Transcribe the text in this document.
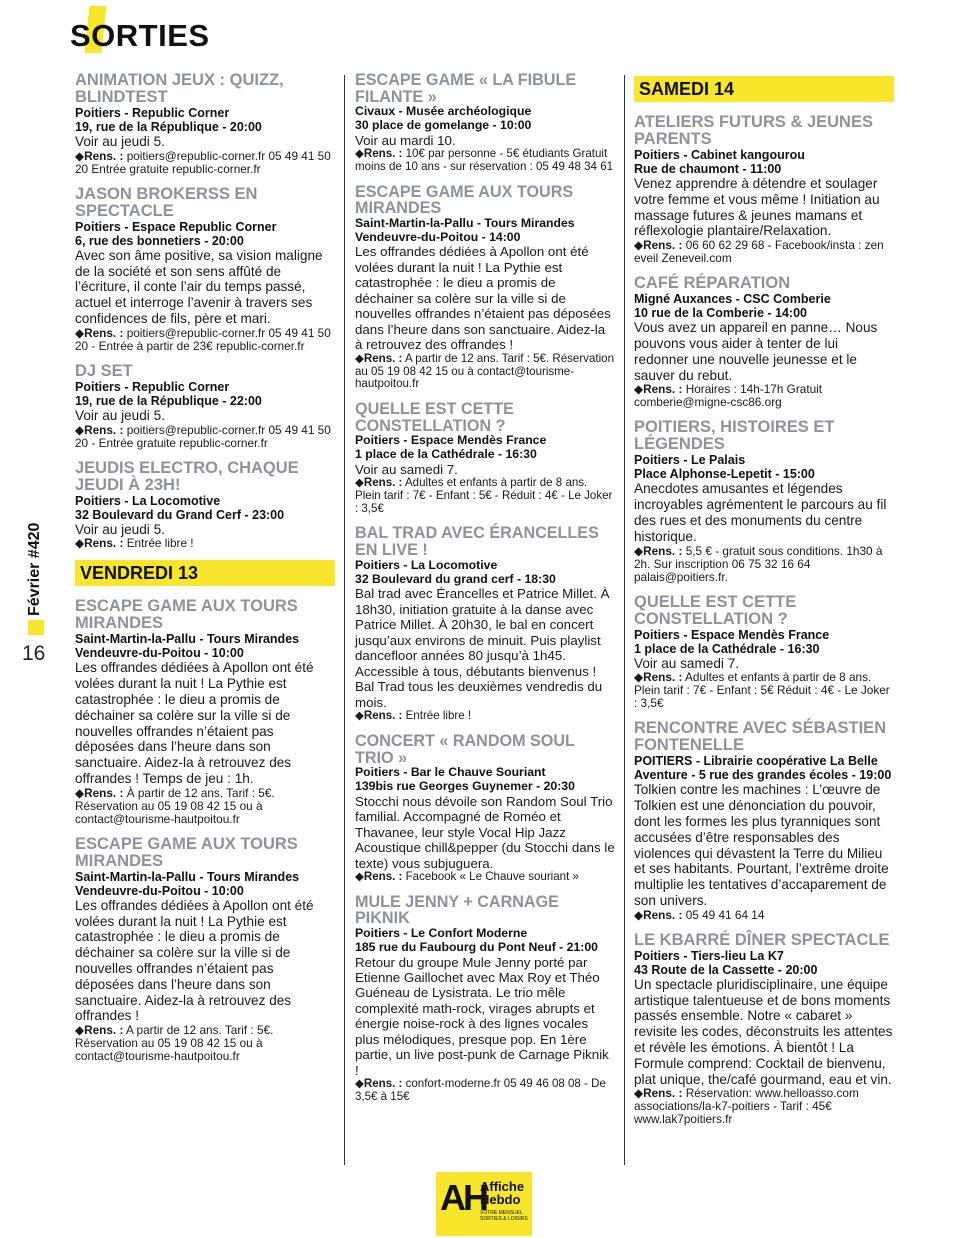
SORTIES
Février #420
16
ANIMATION JEUX : QUIZZ, BLINDTEST
Poitiers - Republic Corner
19, rue de la République - 20:00
Voir au jeudi 5.
◆Rens. : poitiers@republic-corner.fr 05 49 41 50 20 Entrée gratuite republic-corner.fr
JASON BROKERSS EN SPECTACLE
Poitiers - Espace Republic Corner
6, rue des bonnetiers - 20:00
Avec son âme positive, sa vision maligne de la société et son sens affûté de l’écriture, il conte l’air du temps passé, actuel et interroge l’avenir à travers ses confidences de fils, père et mari.
◆Rens. : poitiers@republic-corner.fr 05 49 41 50 20 - Entrée à partir de 23€ republic-corner.fr
DJ SET
Poitiers - Republic Corner
19, rue de la République - 22:00
Voir au jeudi 5.
◆Rens. : poitiers@republic-corner.fr 05 49 41 50 20 - Entrée gratuite republic-corner.fr
JEUDIS ELECTRO, CHAQUE JEUDI À 23H!
Poitiers - La Locomotive
32 Boulevard du Grand Cerf - 23:00
Voir au jeudi 5.
◆Rens. : Entrée libre !
VENDREDI 13
ESCAPE GAME AUX TOURS MIRANDES
Saint-Martin-la-Pallu - Tours Mirandes
Vendeuvre-du-Poitou - 10:00
Les offrandes dédiées à Apollon ont été volées durant la nuit ! La Pythie est catastrophée : le dieu a promis de déchainer sa colère sur la ville si de nouvelles offrandes n’étaient pas déposées dans l’heure dans son sanctuaire. Aidez-la à retrouvez des offrandes ! Temps de jeu : 1h.
◆Rens. : À partir de 12 ans. Tarif : 5€. Réservation au 05 19 08 42 15 ou à contact@tourisme-hautpoitou.fr
ESCAPE GAME AUX TOURS MIRANDES
Saint-Martin-la-Pallu - Tours Mirandes
Vendeuvre-du-Poitou - 10:00
Les offrandes dédiées à Apollon ont été volées durant la nuit ! La Pythie est catastrophée : le dieu a promis de déchainer sa colère sur la ville si de nouvelles offrandes n’étaient pas déposées dans l’heure dans son sanctuaire. Aidez-la à retrouvez des offrandes !
◆Rens. : A partir de 12 ans. Tarif : 5€. Réservation au 05 19 08 42 15 ou à contact@tourisme-hautpoitou.fr
ESCAPE GAME « LA FIBULE FILANTE »
Civaux - Musée archéologique
30 place de gomelange - 10:00
Voir au mardi 10.
◆Rens. : 10€ par personne - 5€ étudiants Gratuit moins de 10 ans - sur réservation : 05 49 48 34 61
ESCAPE GAME AUX TOURS MIRANDES
Saint-Martin-la-Pallu - Tours Mirandes
Vendeuvre-du-Poitou - 14:00
Les offrandes dédiées à Apollon ont été volées durant la nuit ! La Pythie est catastrophée : le dieu a promis de déchainer sa colère sur la ville si de nouvelles offrandes n’étaient pas déposées dans l’heure dans son sanctuaire. Aidez-la à retrouvez des offrandes !
◆Rens. : A partir de 12 ans. Tarif : 5€. Réservation au 05 19 08 42 15 ou à contact@tourisme-hautpoitou.fr
QUELLE EST CETTE CONSTELLATION ?
Poitiers - Espace Mendès France
1 place de la Cathédrale - 16:30
Voir au samedi 7.
◆Rens. : Adultes et enfants à partir de 8 ans. Plein tarif : 7€ - Enfant : 5€ - Réduit : 4€ - Le Joker : 3,5€
BAL TRAD AVEC ÉRANCELLES EN LIVE !
Poitiers - La Locomotive
32 Boulevard du grand cerf - 18:30
Bal trad avec Érancelles et Patrice Millet. À 18h30, initiation gratuite à la danse avec Patrice Millet. À 20h30, le bal en concert jusqu’aux environs de minuit. Puis playlist dancefloor années 80 jusqu’à 1h45. Accessible à tous, débutants bienvenus ! Bal Trad tous les deuxièmes vendredis du mois.
◆Rens. : Entrée libre !
CONCERT « RANDOM SOUL TRIO »
Poitiers - Bar le Chauve Souriant
139bis rue Georges Guynemer - 20:30
Stocchi nous dévoile son Random Soul Trio familial. Accompagné de Roméo et Thavanee, leur style Vocal Hip Jazz Acoustique chill&pepper (du Stocchi dans le texte) vous subjuguera.
◆Rens. : Facebook « Le Chauve souriant »
MULE JENNY + CARNAGE PIKNIK
Poitiers - Le Confort Moderne
185 rue du Faubourg du Pont Neuf - 21:00
Retour du groupe Mule Jenny porté par Etienne Gaillochet avec Max Roy et Théo Guéneau de Lysistrata. Le trio mêle complexité math-rock, virages abrupts et énergie noise-rock à des lignes vocales plus mélodiques, presque pop. En 1ère partie, un live post-punk de Carnage Piknik !
◆Rens. : confort-moderne.fr 05 49 46 08 08 - De 3,5€ à 15€
SAMEDI 14
ATELIERS FUTURS & JEUNES PARENTS
Poitiers - Cabinet kangourou
Rue de chaumont - 11:00
Venez apprendre à détendre et soulager votre femme et vous même ! Initiation au massage futures & jeunes mamans et réflexologie plantaire/Relaxation.
◆Rens. : 06 60 62 29 68 - Facebook/insta : zen eveil Zeneveil.com
CAFÉ RÉPARATION
Migné Auxances - CSC Comberie
10 rue de la Comberie - 14:00
Vous avez un appareil en panne… Nous pouvons vous aider à tenter de lui redonner une nouvelle jeunesse et le sauver du rebut.
◆Rens. : Horaires : 14h-17h Gratuit comberie@migne-csc86.org
POITIERS, HISTOIRES ET LÉGENDES
Poitiers - Le Palais
Place Alphonse-Lepetit - 15:00
Anecdotes amusantes et légendes incroyables agrémentent le parcours au fil des rues et des monuments du centre historique.
◆Rens. : 5,5 € - gratuit sous conditions. 1h30 à 2h. Sur inscription 06 75 32 16 64 palais@poitiers.fr.
QUELLE EST CETTE CONSTELLATION ?
Poitiers - Espace Mendès France
1 place de la Cathédrale - 16:30
Voir au samedi 7.
◆Rens. : Adultes et enfants à partir de 8 ans. Plein tarif : 7€ - Enfant : 5€ Réduit : 4€ - Le Joker : 3,5€
RENCONTRE AVEC SÉBASTIEN FONTENELLE
POITIERS - Librairie coopérative La Belle Aventure - 5 rue des grandes écoles - 19:00
Tolkien contre les machines : L’œuvre de Tolkien est une dénonciation du pouvoir, dont les formes les plus tyranniques sont accusées d’être responsables des violences qui dévastent la Terre du Milieu et ses habitants. Pourtant, l’extrême droite multiplie les tentatives d’accaparement de son univers.
◆Rens. : 05 49 41 64 14
LE KBARRÉ DÎNER SPECTACLE
Poitiers - Tiers-lieu La K7
43 Route de la Cassette - 20:00
Un spectacle pluridisciplinaire, une équipe artistique talentueuse et de bons moments passés ensemble. Notre « cabaret » revisite les codes, déconstruits les attentes et révèle les émotions. À bientôt ! La Formule comprend: Cocktail de bienvenu, plat unique, the/café gourmand, eau et vin.
◆Rens. : Réservation: www.helloasso.com associations/la-k7-poitiers - Tarif : 45€ www.lak7poitiers.fr
AH
Affiche
Hebdo
VOTRE MENSUEL SORTIES & LOISIRS
